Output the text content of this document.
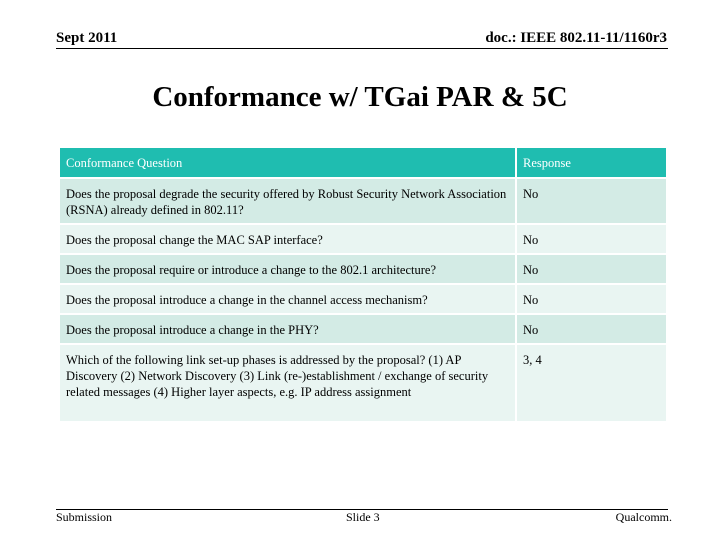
Sept 2011	doc.: IEEE 802.11-11/1160r3
Conformance w/ TGai PAR & 5C
Conformance Question	Response
Does the proposal degrade the security offered by Robust Security Network Association (RSNA) already defined in 802.11?	No
Does the proposal change the MAC SAP interface?	No
Does the proposal require or introduce a change to the 802.1 architecture?	No
Does the proposal introduce a change in the channel access mechanism?	No
Does the proposal introduce a change in the PHY?	No
Which of the following link set-up phases is addressed by the proposal? (1) AP Discovery (2) Network Discovery (3) Link (re-)establishment / exchange of security related messages (4) Higher layer aspects, e.g. IP address assignment	3, 4
Submission	Slide 3	Qualcomm.
